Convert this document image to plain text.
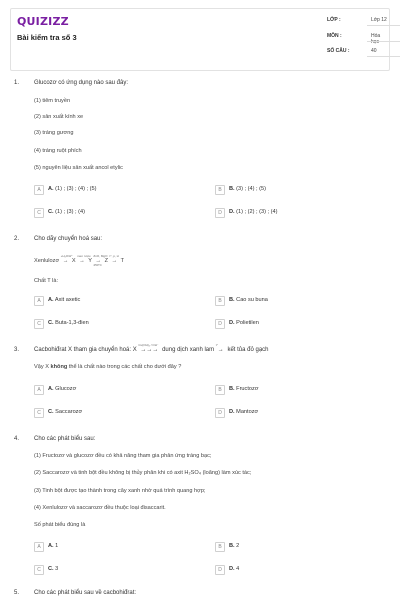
QUIZIZZ
Bài kiểm tra số 3
LỚP :	Lớp 12
MÔN :	Hóa học
SỐ CÂU :	40
1. Glucozơ có ứng dụng nào sau đây:
(1) tiêm truyền
(2) sản xuất kính xe
(3) tráng gương
(4) tráng ruột phích
(5) nguyên liệu sản xuất ancol etylic
A	A. (1) ; (3) ; (4) ; (5)	B	B. (3) ; (4) ; (5)
C	C. (1) ; (3) ; (4)	D	D. (1) ; (2) ; (3) ; (4)
2. Cho dãy chuyển hoá sau:
Xenlulozơ
+H₂O/H⁺
→ X
men rượu
→ Y
ZnO, MgO
450°C
→ Z
t°, p, xt
→ T
Chất T là:
A	A. Axit axetic	B	B. Cao su buna
C	C. Buta-1,3-đien	D	D. Polietilen
3. Cacbohiđrat X tham gia chuyển hoá: X
Cu(OH)₂ / OH⁻
→→→ dung dịch xanh lam
t°
→ kết tủa đỏ gạch
Vậy X không thể là chất nào trong các chất cho dưới đây ?
A	A. Glucozơ	B	B. Fructozơ
C	C. Saccarozơ	D	D. Mantozơ
4. Cho các phát biểu sau:
(1) Fructozơ và glucozơ đều có khả năng tham gia phản ứng tráng bạc;
(2) Saccarozơ và tinh bột đều không bị thủy phân khi có axit H₂SO₄ (loãng) làm xúc tác;
(3) Tinh bột được tạo thành trong cây xanh nhờ quá trình quang hợp;
(4) Xenlulozơ và saccarozơ đều thuộc loại đisaccarit.
Số phát biểu đúng là
A	A. 1	B	B. 2
C	C. 3	D	D. 4
5. Cho các phát biểu sau về cacbohiđrat:
